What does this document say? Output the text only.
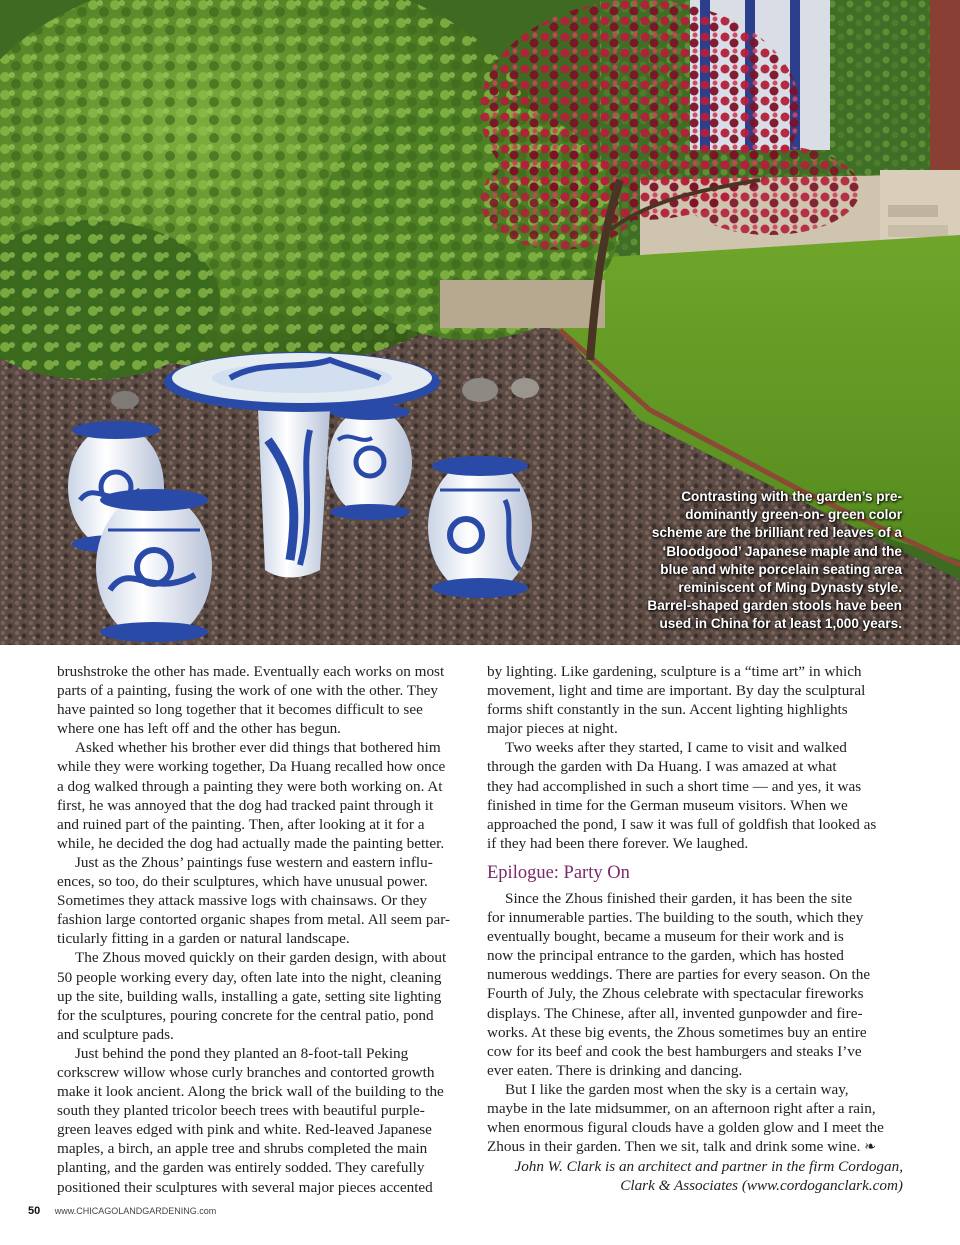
Contrasting with the garden’s pre-
dominantly green-on- green color
scheme are the brilliant red leaves of a
‘Bloodgood’ Japanese maple and the
blue and white porcelain seating area
reminiscent of Ming Dynasty style.
Barrel-shaped garden stools have been
used in China for at least 1,000 years.
brushstroke the other has made. Eventually each works on most
parts of a painting, fusing the work of one with the other. They
have painted so long together that it becomes difficult to see
where one has left off and the other has begun.
Asked whether his brother ever did things that bothered him
while they were working together, Da Huang recalled how once
a dog walked through a painting they were both working on. At
first, he was annoyed that the dog had tracked paint through it
and ruined part of the painting. Then, after looking at it for a
while, he decided the dog had actually made the painting better.
Just as the Zhous’ paintings fuse western and eastern influ-
ences, so too, do their sculptures, which have unusual power.
Sometimes they attack massive logs with chainsaws. Or they
fashion large contorted organic shapes from metal. All seem par-
ticularly fitting in a garden or natural landscape.
The Zhous moved quickly on their garden design, with about
50 people working every day, often late into the night, cleaning
up the site, building walls, installing a gate, setting site lighting
for the sculptures, pouring concrete for the central patio, pond
and sculpture pads.
Just behind the pond they planted an 8-foot-tall Peking
corkscrew willow whose curly branches and contorted growth
make it look ancient. Along the brick wall of the building to the
south they planted tricolor beech trees with beautiful purple-
green leaves edged with pink and white. Red-leaved Japanese
maples, a birch, an apple tree and shrubs completed the main
planting, and the garden was entirely sodded. They carefully
positioned their sculptures with several major pieces accented
by lighting. Like gardening, sculpture is a “time art” in which
movement, light and time are important. By day the sculptural
forms shift constantly in the sun. Accent lighting highlights
major pieces at night.
Two weeks after they started, I came to visit and walked
through the garden with Da Huang. I was amazed at what
they had accomplished in such a short time — and yes, it was
finished in time for the German museum visitors. When we
approached the pond, I saw it was full of goldfish that looked as
if they had been there forever. We laughed.
Epilogue: Party On
Since the Zhous finished their garden, it has been the site
for innumerable parties. The building to the south, which they
eventually bought, became a museum for their work and is
now the principal entrance to the garden, which has hosted
numerous weddings. There are parties for every season. On the
Fourth of July, the Zhous celebrate with spectacular fireworks
displays. The Chinese, after all, invented gunpowder and fire-
works. At these big events, the Zhous sometimes buy an entire
cow for its beef and cook the best hamburgers and steaks I’ve
ever eaten. There is drinking and dancing.
But I like the garden most when the sky is a certain way,
maybe in the late midsummer, on an afternoon right after a rain,
when enormous figural clouds have a golden glow and I meet the
Zhous in their garden. Then we sit, talk and drink some wine. ❧
John W. Clark is an architect and partner in the firm Cordogan,
Clark & Associates (www.cordoganclark.com)
50 www.CHICAGOLANDGARDENING.com
